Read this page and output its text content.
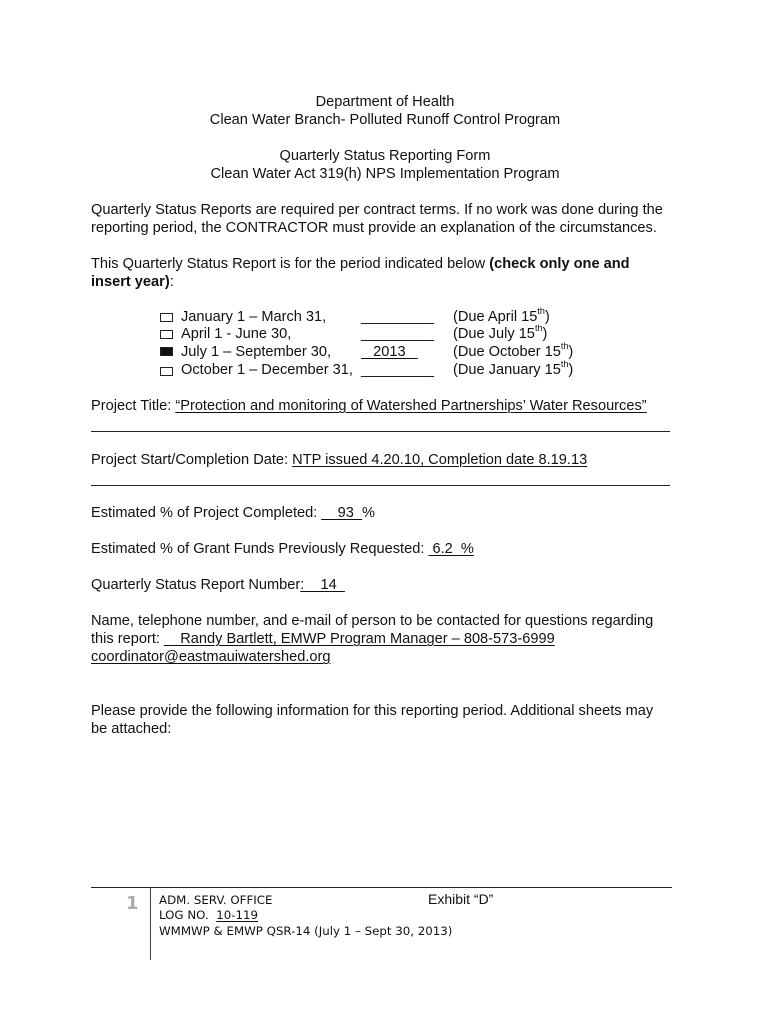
Department of Health
Clean Water Branch- Polluted Runoff Control Program
Quarterly Status Reporting Form
Clean Water Act 319(h) NPS Implementation Program
Quarterly Status Reports are required per contract terms. If no work was done during the
reporting period, the CONTRACTOR must provide an explanation of the circumstances.
This Quarterly Status Report is for the period indicated below (check only one and
insert year):
January 1 – March 31, _________ (Due April 15th)
April 1 - June 30,	_________ (Due July 15th)
July 1 – September 30, 2013 (Due October 15th)
October 1 – December 31, _________ (Due January 15th)
Project Title: “Protection and monitoring of Watershed Partnerships’ Water Resources”
Project Start/Completion Date: NTP issued 4.20.10, Completion date 8.19.13
Estimated % of Project Completed: __93_%
Estimated % of Grant Funds Previously Requested:  6.2  %
Quarterly Status Report Number:    14
Name, telephone number, and e-mail of person to be contacted for questions regarding
this report:     Randy Bartlett, EMWP Program Manager – 808-573-6999
coordinator@eastmauiwatershed.org
Please provide the following information for this reporting period. Additional sheets may
be attached:
1 ADM. SERV. OFFICE	Exhibit “D”
LOG NO.  10-119
WMMWP & EMWP QSR-14 (July 1 – Sept 30, 2013)
